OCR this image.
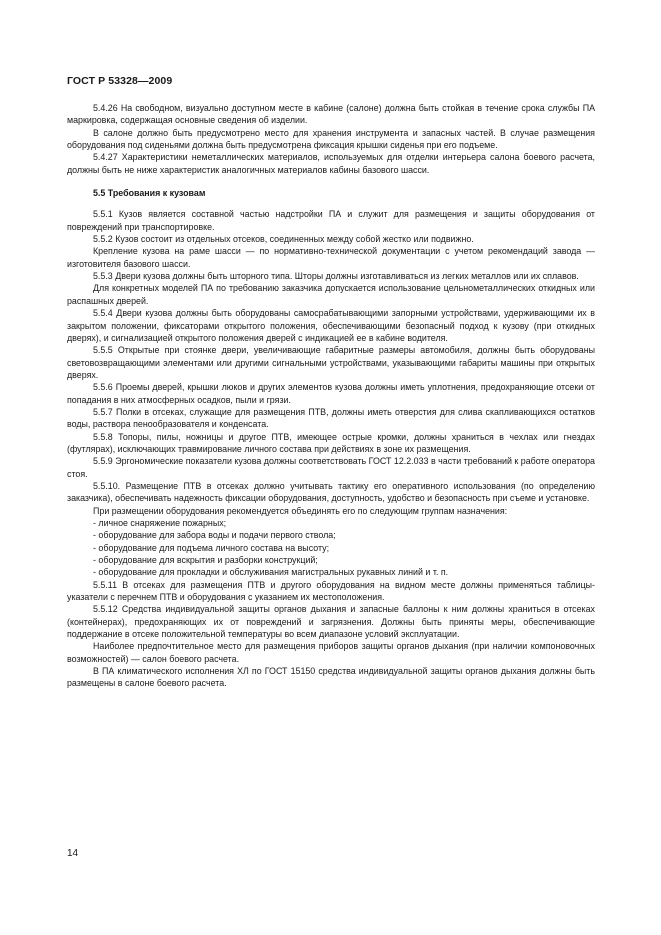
ГОСТ Р 53328—2009

5.4.26 На свободном, визуально доступном месте в кабине (салоне) должна быть стойкая в течение срока службы ПА маркировка, содержащая основные сведения об изделии.

В салоне должно быть предусмотрено место для хранения инструмента и запасных частей. В случае размещения оборудования под сиденьями должна быть предусмотрена фиксация крышки сиденья при его подъеме.

5.4.27 Характеристики неметаллических материалов, используемых для отделки интерьера салона боевого расчета, должны быть не ниже характеристик аналогичных материалов кабины базового шасси.

5.5 Требования к кузовам

5.5.1 Кузов является составной частью надстройки ПА и служит для размещения и защиты оборудования от повреждений при транспортировке.

5.5.2 Кузов состоит из отдельных отсеков, соединенных между собой жестко или подвижно.

Крепление кузова на раме шасси — по нормативно-технической документации с учетом рекомендаций завода — изготовителя базового шасси.

5.5.3 Двери кузова должны быть шторного типа. Шторы должны изготавливаться из легких металлов или их сплавов.

Для конкретных моделей ПА по требованию заказчика допускается использование цельнометаллических откидных или распашных дверей.

5.5.4 Двери кузова должны быть оборудованы самосрабатывающими запорными устройствами, удерживающими их в закрытом положении, фиксаторами открытого положения, обеспечивающими безопасный подход к кузову (при откидных дверях), и сигнализацией открытого положения дверей с индикацией ее в кабине водителя.

5.5.5 Открытые при стоянке двери, увеличивающие габаритные размеры автомобиля, должны быть оборудованы световозвращающими элементами или другими сигнальными устройствами, указывающими габариты машины при открытых дверях.

5.5.6 Проемы дверей, крышки люков и других элементов кузова должны иметь уплотнения, предохраняющие отсеки от попадания в них атмосферных осадков, пыли и грязи.

5.5.7 Полки в отсеках, служащие для размещения ПТВ, должны иметь отверстия для слива скапливающихся остатков воды, раствора пенообразователя и конденсата.

5.5.8 Топоры, пилы, ножницы и другое ПТВ, имеющее острые кромки, должны храниться в чехлах или гнездах (футлярах), исключающих травмирование личного состава при действиях в зоне их размещения.

5.5.9 Эргономические показатели кузова должны соответствовать ГОСТ 12.2.033 в части требований к работе оператора стоя.

5.5.10. Размещение ПТВ в отсеках должно учитывать тактику его оперативного использования (по определению заказчика), обеспечивать надежность фиксации оборудования, доступность, удобство и безопасность при съеме и установке.

При размещении оборудования рекомендуется объединять его по следующим группам назначения:

- личное снаряжение пожарных;

- оборудование для забора воды и подачи первого ствола;

- оборудование для подъема личного состава на высоту;

- оборудование для вскрытия и разборки конструкций;

- оборудование для прокладки и обслуживания магистральных рукавных линий и т. п.

5.5.11 В отсеках для размещения ПТВ и другого оборудования на видном месте должны применяться таблицы-указатели с перечнем ПТВ и оборудования с указанием их местоположения.

5.5.12 Средства индивидуальной защиты органов дыхания и запасные баллоны к ним должны храниться в отсеках (контейнерах), предохраняющих их от повреждений и загрязнения. Должны быть приняты меры, обеспечивающие поддержание в отсеке положительной температуры во всем диапазоне условий эксплуатации.

Наиболее предпочтительное место для размещения приборов защиты органов дыхания (при наличии компоновочных возможностей) — салон боевого расчета.

В ПА климатического исполнения ХЛ по ГОСТ 15150 средства индивидуальной защиты органов дыхания должны быть размещены в салоне боевого расчета.

14
